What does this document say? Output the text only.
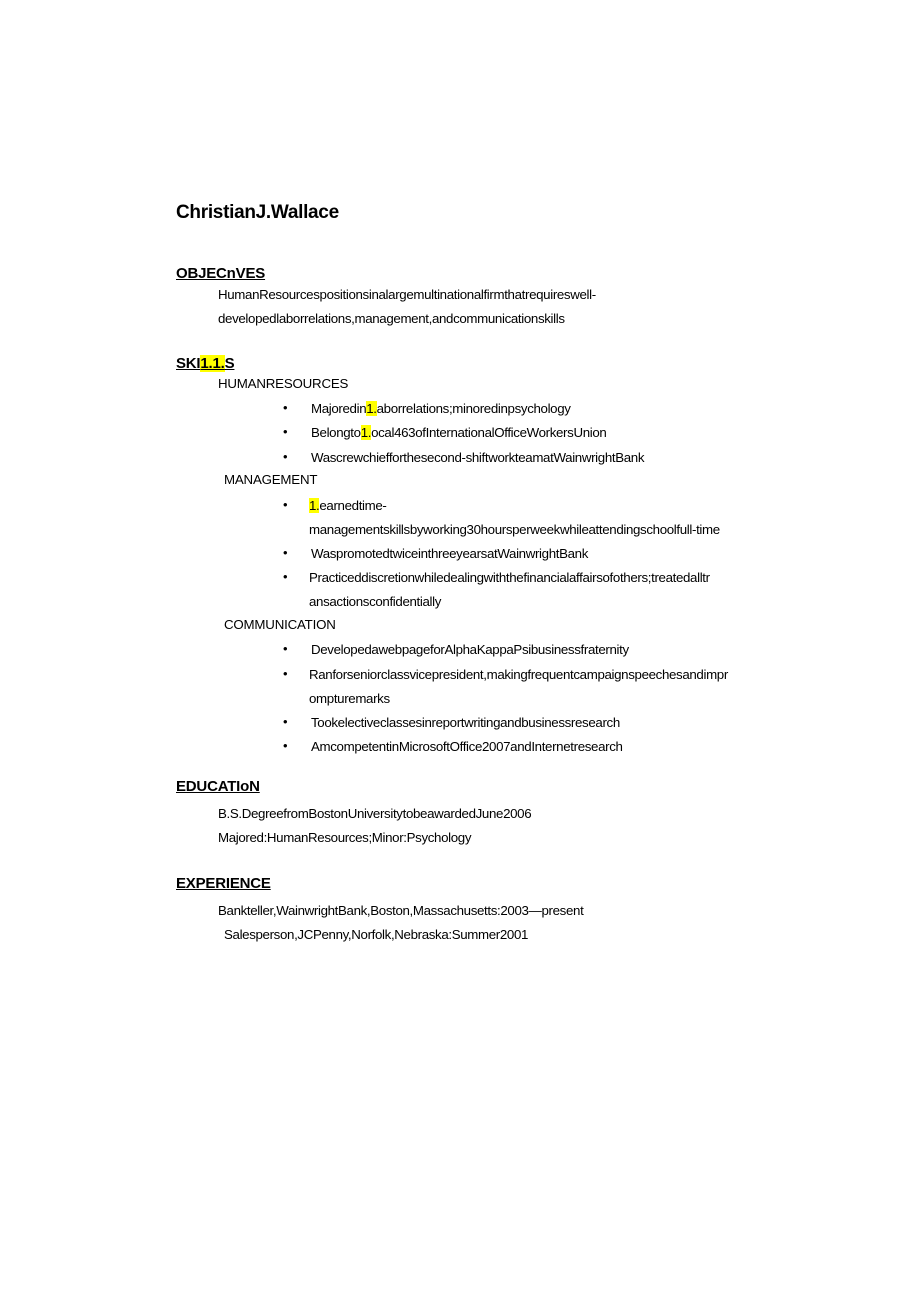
ChristianJ.Wallace
OBJECnVES
HumanResourcespositionsinalargemultinationalfirmthatrequireswell-
developedlaborrelations,management,andcommunicationskills
SKI1.1.S
HUMANRESOURCES
• Majoredin1.aborrelations;minoredinpsychology
• Belongto1.ocal463ofInternationalOfficeWorkersUnion
• Wascrewchiefforthesecond-shiftworkteamatWainwrightBank
MANAGEMENT
• 1.earnedtime-
managementskillsbyworking30hoursperweekwhileattendingschoolfull-time
• WaspromotedtwiceinthreeyearsatWainwrightBank
• Practiceddiscretionwhiledealingwiththefinancialaffairsofothers;treatedalltr
ansactionsconfidentially
COMMUNICATION
• DevelopedawebpageforAlphaKappaPsibusinessfraternity
• Ranforseniorclassvicepresident,makingfrequentcampaignspeechesandimpr
ompturemarks
• Tookelectiveclassesinreportwritingandbusinessresearch
• AmcompetentinMicrosoftOffice2007andInternetresearch
EDUCATIoN
B.S.DegreefromBostonUniversitytobeawardedJune2006
Majored:HumanResources;Minor:Psychology
EXPERIENCE
Bankteller,WainwrightBank,Boston,Massachusetts:2003—present
Salesperson,JCPenny,Norfolk,Nebraska:Summer2001
